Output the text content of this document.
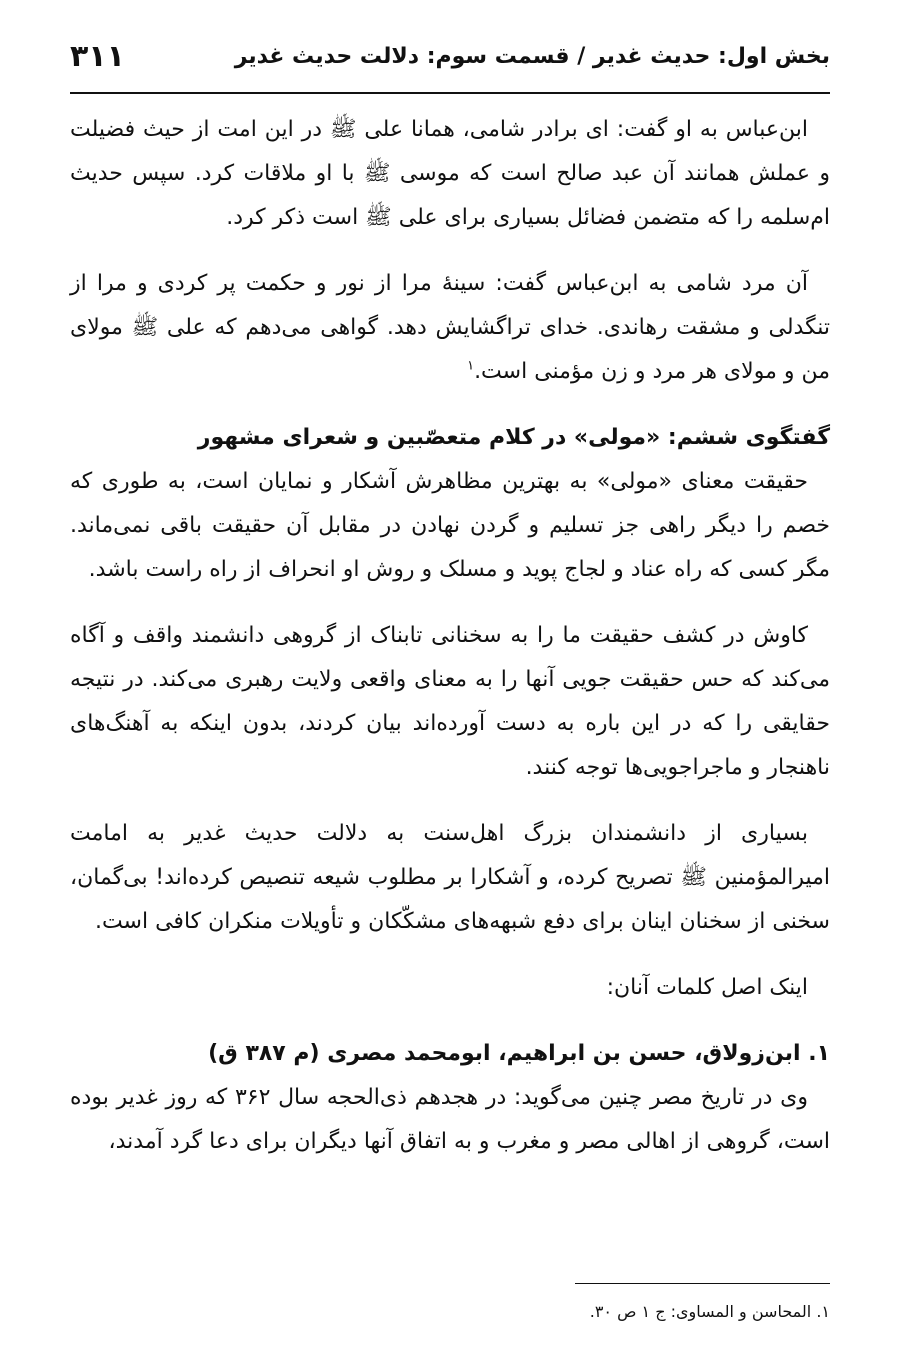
بخش اول: حدیث غدیر / قسمت سوم: دلالت حدیث غدیر
۳۱۱

ابن‌عباس به او گفت: ای برادر شامی، همانا علی ﷺ در این امت از حیث فضیلت و عملش همانند آن عبد صالح است که موسی ﷺ با او ملاقات کرد. سپس حدیث ام‌سلمه را که متضمن فضائل بسیاری برای علی ﷺ است ذکر کرد.

آن مرد شامی به ابن‌عباس گفت: سینهٔ مرا از نور و حکمت پر کردی و مرا از تنگدلی و مشقت رهاندی. خدای تراگشایش دهد. گواهی می‌دهم که علی ﷺ مولای من و مولای هر مرد و زن مؤمنی است.$^۱$

گفتگوی ششم: «مولی» در کلام متعصّبین و شعرای مشهور

حقیقت معنای «مولی» به بهترین مظاهرش آشکار و نمایان است، به طوری که خصم را دیگر راهی جز تسلیم و گردن نهادن در مقابل آن حقیقت باقی نمی‌ماند. مگر کسی که راه عناد و لجاج پوید و مسلک و روش او انحراف از راه راست باشد.

کاوش در کشف حقیقت ما را به سخنانی تابناک از گروهی دانشمند واقف و آگاه می‌کند که حس حقیقت جویی آنها را به معنای واقعی ولایت رهبری می‌کند. در نتیجه حقایقی را که در این باره به دست آورده‌اند بیان کردند، بدون اینکه به آهنگ‌های ناهنجار و ماجراجویی‌ها توجه کنند.

بسیاری از دانشمندان بزرگ اهل‌سنت به دلالت حدیث غدیر به امامت امیرالمؤمنین ﷺ تصریح کرده، و آشکارا بر مطلوب شیعه تنصیص کرده‌اند! بی‌گمان، سخنی از سخنان اینان برای دفع شبهه‌های مشکّکان و تأویلات منکران کافی است.

اینک اصل کلمات آنان:

۱. ابن‌زولاق، حسن بن ابراهیم، ابومحمد مصری (م ۳۸۷ ق)

وی در تاریخ مصر چنین می‌گوید: در هجدهم ذی‌الحجه سال ۳۶۲ که روز غدیر بوده است، گروهی از اهالی مصر و مغرب و به اتفاق آنها دیگران برای دعا گرد آمدند،

۱. المحاسن و المساوی: ج ۱ ص ۳۰.
